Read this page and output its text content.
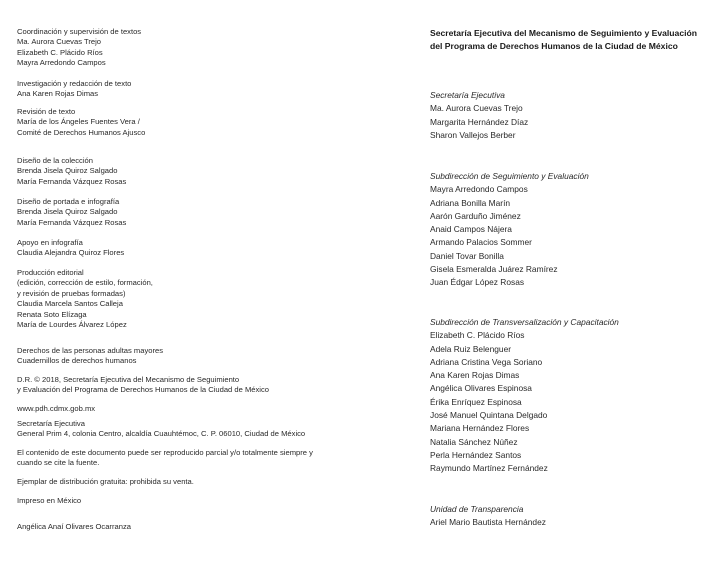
Coordinación y supervisión de textos
Ma. Aurora Cuevas Trejo
Elizabeth C. Plácido Ríos
Mayra Arredondo Campos
Investigación y redacción de texto
Ana Karen Rojas Dimas
Revisión de texto
María de los Ángeles Fuentes Vera /
Comité de Derechos Humanos Ajusco
Diseño de la colección
Brenda Jisela Quiroz Salgado
María Fernanda Vázquez Rosas
Diseño de portada e infografía
Brenda Jisela Quiroz Salgado
María Fernanda Vázquez Rosas
Apoyo en infografía
Claudia Alejandra Quiroz Flores
Producción editorial
(edición, corrección de estilo, formación,
y revisión de pruebas formadas)
Claudia Marcela Santos Calleja
Renata Soto Elízaga
María de Lourdes Álvarez López
Derechos de las personas adultas mayores
Cuadernillos de derechos humanos
D.R. © 2018, Secretaría Ejecutiva del Mecanismo de Seguimiento
y Evaluación del Programa de Derechos Humanos de la Ciudad de México
www.pdh.cdmx.gob.mx
Secretaría Ejecutiva
General Prim 4, colonia Centro, alcaldía Cuauhtémoc, C. P. 06010, Ciudad de México
El contenido de este documento puede ser reproducido parcial y/o totalmente siempre y
cuando se cite la fuente.
Ejemplar de distribución gratuita: prohibida su venta.
Impreso en México
Angélica Anaí Olivares Ocarranza
Secretaría Ejecutiva del Mecanismo de Seguimiento y Evaluación
del Programa de Derechos Humanos de la Ciudad de México
Secretaría Ejecutiva
Ma. Aurora Cuevas Trejo
Margarita Hernández Díaz
Sharon Vallejos Berber
Subdirección de Seguimiento y Evaluación
Mayra Arredondo Campos
Adriana Bonilla Marín
Aarón Garduño Jiménez
Anaid Campos Nájera
Armando Palacios Sommer
Daniel Tovar Bonilla
Gisela Esmeralda Juárez Ramírez
Juan Édgar López Rosas
Subdirección de Transversalización y Capacitación
Elizabeth C. Plácido Ríos
Adela Ruiz Belenguer
Adriana Cristina Vega Soriano
Ana Karen Rojas Dimas
Angélica Olivares Espinosa
Érika Enríquez Espinosa
José Manuel Quintana Delgado
Mariana Hernández Flores
Natalia Sánchez Núñez
Perla Hernández Santos
Raymundo Martínez Fernández
Unidad de Transparencia
Ariel Mario Bautista Hernández
